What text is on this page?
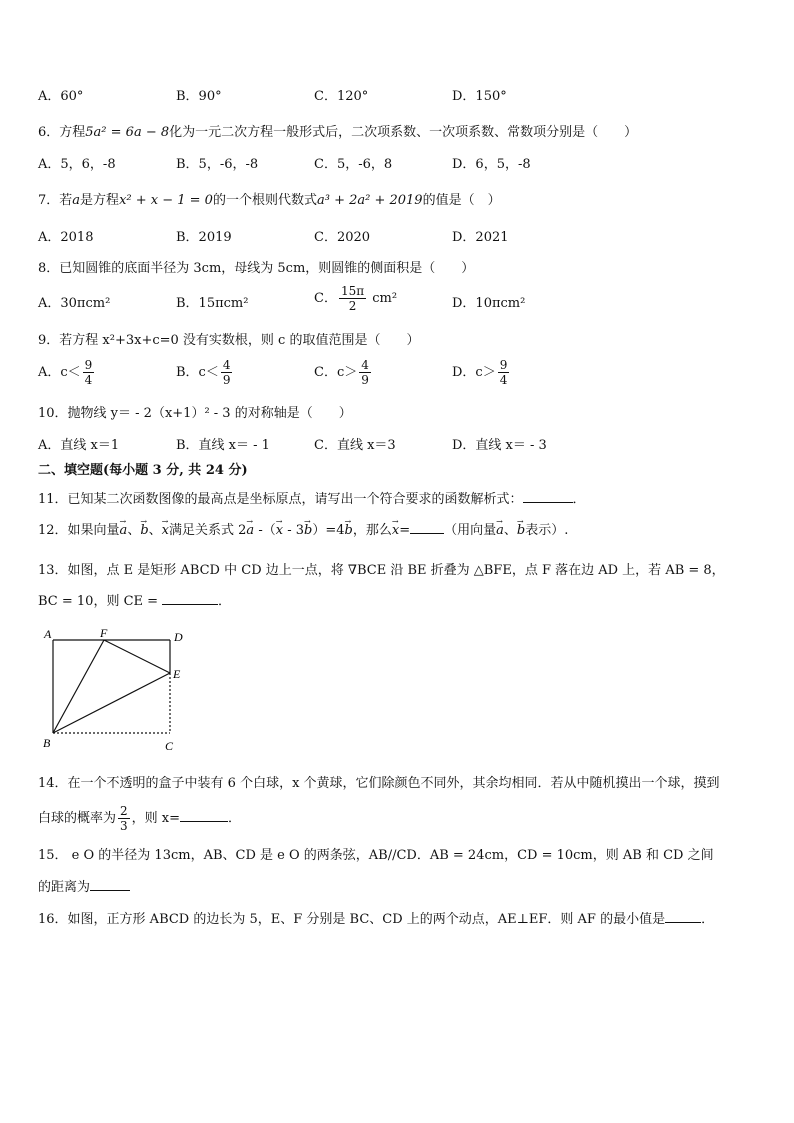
A．60°	B．90°	C．120°	D．150°
6．方程5a² = 6a − 8化为一元二次方程一般形式后，二次项系数、一次项系数、常数项分别是（　　）
A．5，6，-8	B．5，-6，-8	C．5，-6，8	D．6，5，-8
7．若a是方程x² + x − 1 = 0的一个根则代数式a³ + 2a² + 2019的值是（　）
A．2018	B．2019	C．2020	D．2021
8．已知圆锥的底面半径为 3cm，母线为 5cm，则圆锥的侧面积是（　　）
A．30πcm²	B．15πcm²	C． $\frac{15\pi}{2} cm^2$	D．10πcm²
9．若方程 x²+3x+c=0 没有实数根，则 c 的取值范围是（　　）
A．$c< \frac{9}{4}$	B．$c< \frac{4}{9}$	C．$c> \frac{4}{9}$	D．$c> \frac{9}{4}$
10．抛物线 y＝ - 2（x+1）² - 3 的对称轴是（　　）
A．直线 x＝1	B．直线 x＝ - 1	C．直线 x＝3	D．直线 x＝ - 3
二、填空题(每小题 3 分, 共 24 分)
11．已知某二次函数图像的最高点是坐标原点，请写出一个符合要求的函数解析式：	．
12．如果向量→ a、→ b、→ x满足关系式 2→ a -（→ x - 3→ b）=4→ b，那么→ x=	（用向量→ a、→ b表示）.
13．如图，点 E 是矩形 ABCD 中 CD 边上一点，将 ∇BCE 沿 BE 折叠为 △BFE，点 F 落在边 AD 上，若 AB = 8，
BC = 10，则 CE =	．
A	F	D
E
B	C
14．在一个不透明的盒子中装有 6 个白球，x 个黄球，它们除颜色不同外，其余均相同．若从中随机摸出一个球，摸到
白球的概率为 $\frac{2}{3}$ ，则 x=	．
15． e O 的半径为 13cm，AB、CD 是 e O 的两条弦，AB//CD．AB = 24cm，CD = 10cm，则 AB 和 CD 之间
的距离为
16．如图，正方形 ABCD 的边长为 5，E、F 分别是 BC、CD 上的两个动点，AE⊥EF．则 AF 的最小值是	．
